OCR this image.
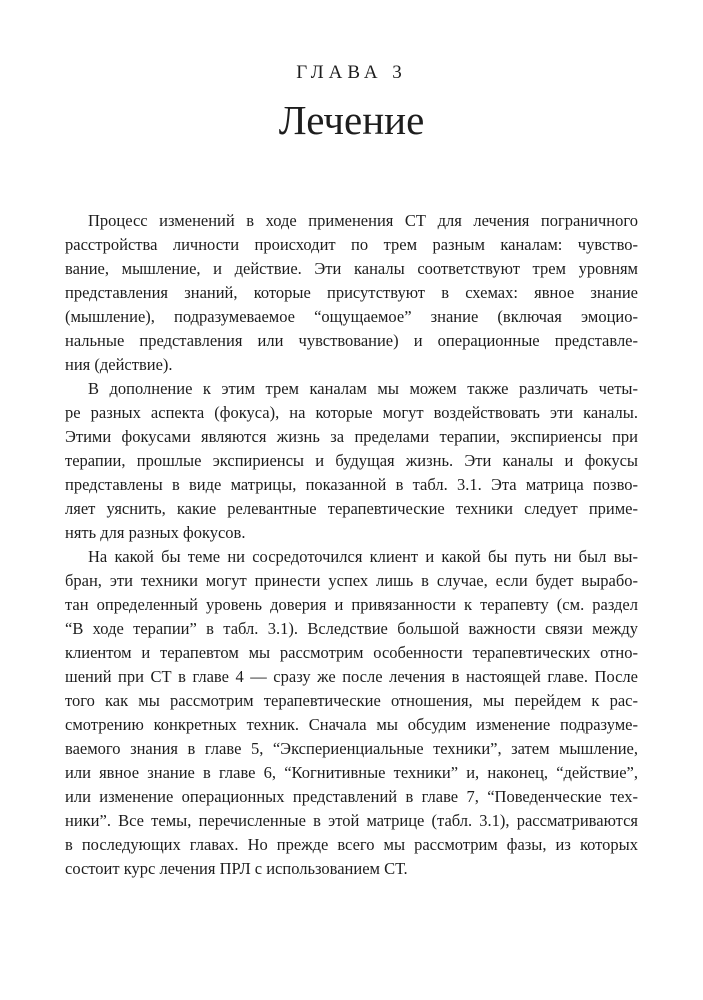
ГЛАВА 3
Лечение
Процесс изменений в ходе применения СТ для лечения пограничного
расстройства личности происходит по трем разным каналам: чувство-
вание, мышление, и действие. Эти каналы соответствуют трем уровням
представления знаний, которые присутствуют в схемах: явное знание
(мышление), подразумеваемое “ощущаемое” знание (включая эмоцио-
нальные представления или чувствование) и операционные представле-
ния (действие).
В дополнение к этим трем каналам мы можем также различать четы-
ре разных аспекта (фокуса), на которые могут воздействовать эти каналы.
Этими фокусами являются жизнь за пределами терапии, экспириенсы при
терапии, прошлые экспириенсы и будущая жизнь. Эти каналы и фокусы
представлены в виде матрицы, показанной в табл. 3.1. Эта матрица позво-
ляет уяснить, какие релевантные терапевтические техники следует приме-
нять для разных фокусов.
На какой бы теме ни сосредоточился клиент и какой бы путь ни был вы-
бран, эти техники могут принести успех лишь в случае, если будет вырабо-
тан определенный уровень доверия и привязанности к терапевту (см. раздел
“В ходе терапии” в табл. 3.1). Вследствие большой важности связи между
клиентом и терапевтом мы рассмотрим особенности терапевтических отно-
шений при СТ в главе 4 — сразу же после лечения в настоящей главе. После
того как мы рассмотрим терапевтические отношения, мы перейдем к рас-
смотрению конкретных техник. Сначала мы обсудим изменение подразуме-
ваемого знания в главе 5, “Экспериенциальные техники”, затем мышление,
или явное знание в главе 6, “Когнитивные техники” и, наконец, “действие”,
или изменение операционных представлений в главе 7, “Поведенческие тех-
ники”. Все темы, перечисленные в этой матрице (табл. 3.1), рассматриваются
в последующих главах. Но прежде всего мы рассмотрим фазы, из которых
состоит курс лечения ПРЛ с использованием СТ.
